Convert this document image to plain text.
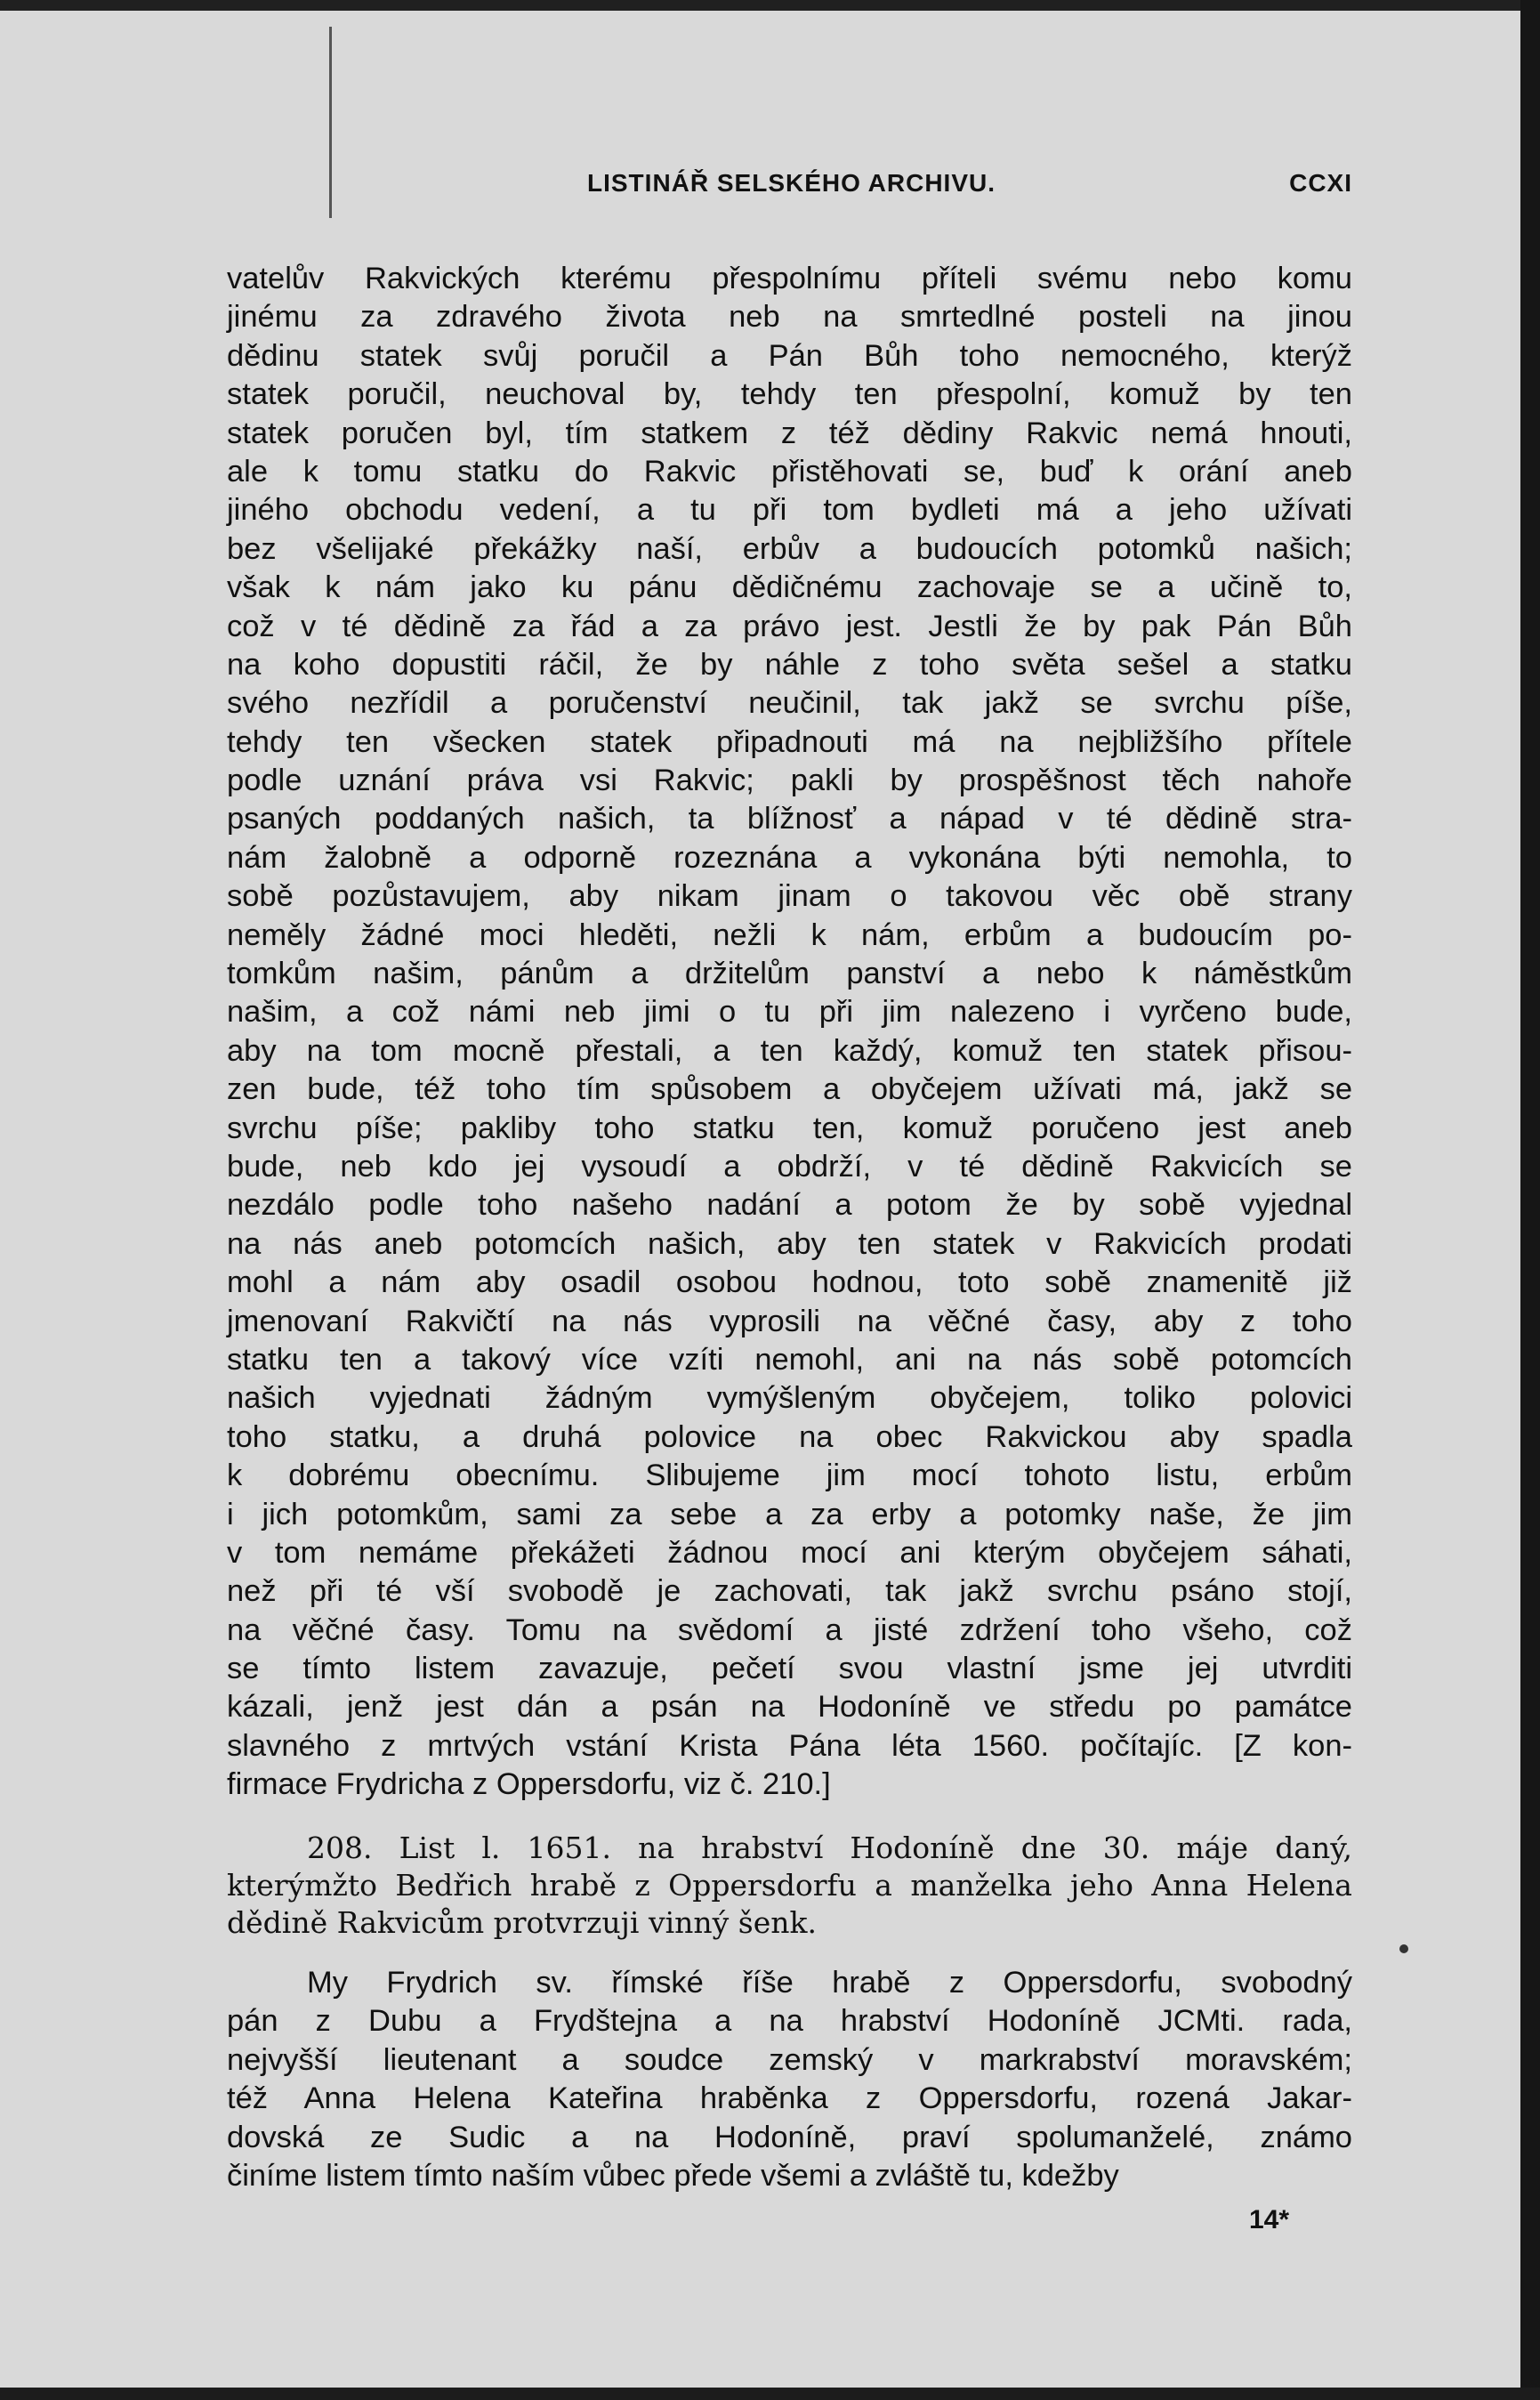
LISTINÁŘ SELSKÉHO ARCHIVU.	CCXI
vatelův Rakvických kterému přespolnímu příteli svému nebo komu
jinému za zdravého života neb na smrtedlné posteli na jinou
dědinu statek svůj poručil a Pán Bůh toho nemocného, kterýž
statek poručil, neuchoval by, tehdy ten přespolní, komuž by ten
statek poručen byl, tím statkem z též dědiny Rakvic nemá hnouti,
ale k tomu statku do Rakvic přistěhovati se, buď k orání aneb
jiného obchodu vedení, a tu při tom bydleti má a jeho užívati
bez všelijaké překážky naší, erbův a budoucích potomků našich;
však k nám jako ku pánu dědičnému zachovaje se a učině to,
což v té dědině za řád a za právo jest. Jestli že by pak Pán Bůh
na koho dopustiti ráčil, že by náhle z toho světa sešel a statku
svého nezřídil a poručenství neučinil, tak jakž se svrchu píše,
tehdy ten všecken statek připadnouti má na nejbližšího přítele
podle uznání práva vsi Rakvic; pakli by prospěšnost těch nahoře
psaných poddaných našich, ta blížnosť a nápad v té dědině stra-
nám žalobně a odporně rozeznána a vykonána býti nemohla, to
sobě pozůstavujem, aby nikam jinam o takovou věc obě strany
neměly žádné moci hleděti, nežli k nám, erbům a budoucím po-
tomkům našim, pánům a držitelům panství a nebo k náměstkům
našim, a což námi neb jimi o tu při jim nalezeno i vyrčeno bude,
aby na tom mocně přestali, a ten každý, komuž ten statek přisou-
zen bude, též toho tím spůsobem a obyčejem užívati má, jakž se
svrchu píše; pakliby toho statku ten, komuž poručeno jest aneb
bude, neb kdo jej vysoudí a obdrží, v té dědině Rakvicích se
nezdálo podle toho našeho nadání a potom že by sobě vyjednal
na nás aneb potomcích našich, aby ten statek v Rakvicích prodati
mohl a nám aby osadil osobou hodnou, toto sobě znamenitě již
jmenovaní Rakvičtí na nás vyprosili na věčné časy, aby z toho
statku ten a takový více vzíti nemohl, ani na nás sobě potomcích
našich vyjednati žádným vymýšleným obyčejem, toliko polovici
toho statku, a druhá polovice na obec Rakvickou aby spadla
k dobrému obecnímu. Slibujeme jim mocí tohoto listu, erbům
i jich potomkům, sami za sebe a za erby a potomky naše, že jim
v tom nemáme překážeti žádnou mocí ani kterým obyčejem sáhati,
než při té vší svobodě je zachovati, tak jakž svrchu psáno stojí,
na věčné časy. Tomu na svědomí a jisté zdržení toho všeho, což
se tímto listem zavazuje, pečetí svou vlastní jsme jej utvrditi
kázali, jenž jest dán a psán na Hodoníně ve středu po památce
slavného z mrtvých vstání Krista Pána léta 1560. počítajíc. [Z kon-
firmace Frydricha z Oppersdorfu, viz č. 210.]
208. List l. 1651. na hrabství Hodoníně dne 30. máje daný,
kterýmžto Bedřich hrabě z Oppersdorfu a manželka jeho Anna Helena
dědině Rakvicům protvrzuji vinný šenk.
My Frydrich sv. římské říše hrabě z Oppersdorfu, svobodný
pán z Dubu a Frydštejna a na hrabství Hodoníně JCMti. rada,
nejvyšší lieutenant a soudce zemský v markrabství moravském;
též Anna Helena Kateřina hraběnka z Oppersdorfu, rozená Jakar-
dovská ze Sudic a na Hodoníně, praví spolumanželé, známo
činíme listem tímto naším vůbec přede všemi a zvláště tu, kdežby
14*
